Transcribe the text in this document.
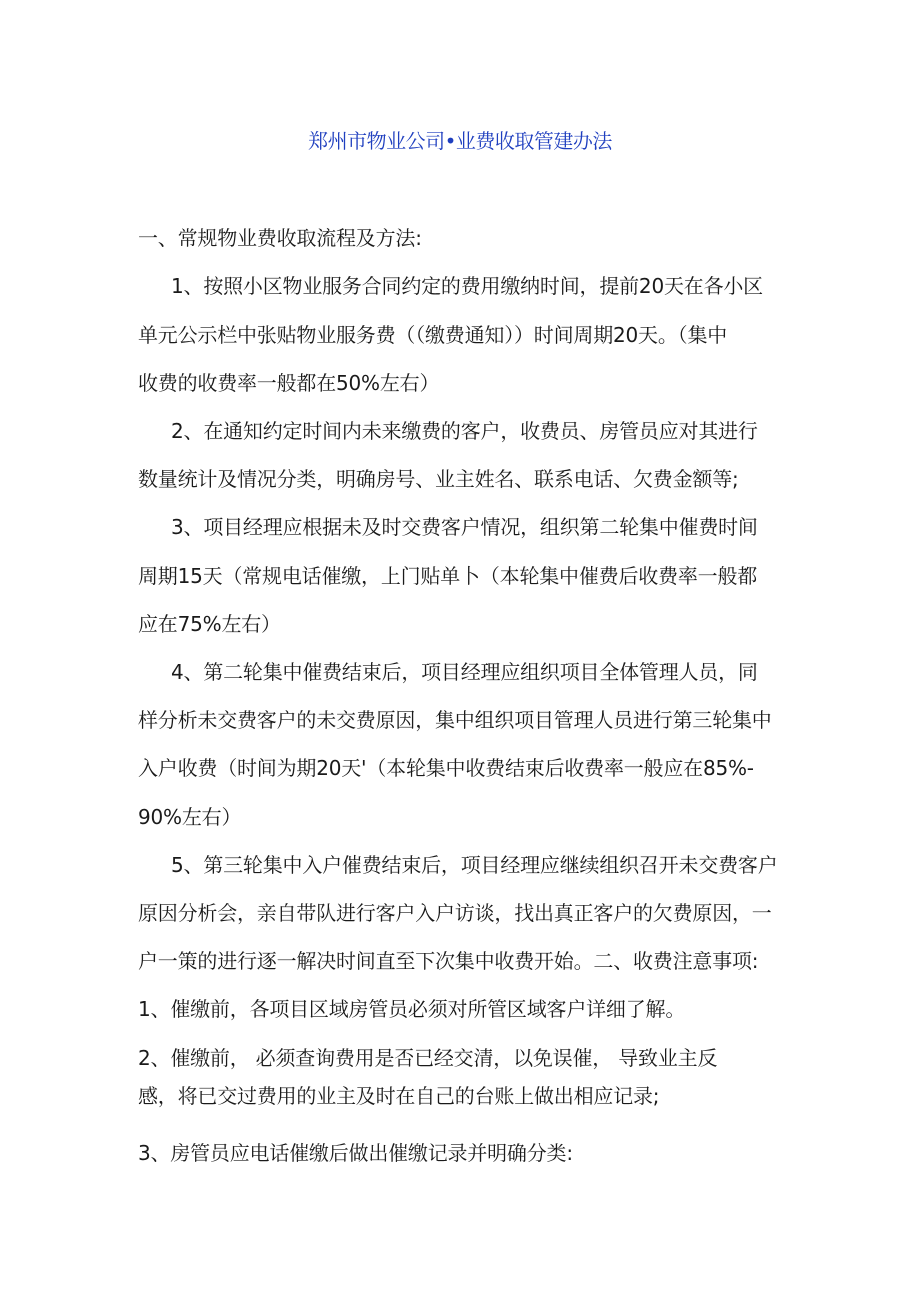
郑州市物业公司•业费收取管建办法
一、常规物业费收取流程及方法:
1、按照小区物业服务合同约定的费用缴纳时间，提前20天在各小区
单元公示栏中张贴物业服务费（（缴费通知））时间周期20天。（集中
收费的收费率一般都在50%左右）
2、在通知约定时间内未来缴费的客户，收费员、房管员应对其进行
数量统计及情况分类，明确房号、业主姓名、联系电话、欠费金额等;
3、项目经理应根据未及时交费客户情况，组织第二轮集中催费时间
周期15天（常规电话催缴，上门贴单卜（本轮集中催费后收费率一般都
应在75%左右）
4、第二轮集中催费结束后，项目经理应组织项目全体管理人员，同
样分析未交费客户的未交费原因，集中组织项目管理人员进行第三轮集中
入户收费（时间为期20天'（本轮集中收费结束后收费率一般应在85%-
90%左右）
5、第三轮集中入户催费结束后，项目经理应继续组织召开未交费客户
原因分析会，亲自带队进行客户入户访谈，找出真正客户的欠费原因，一
户一策的进行逐一解决时间直至下次集中收费开始。二、收费注意事项:
1、催缴前，各项目区域房管员必须对所管区域客户详细了解。
2、催缴前， 必须查询费用是否已经交清，以免误催， 导致业主反
感，将已交过费用的业主及时在自己的台账上做出相应记录;
3、房管员应电话催缴后做出催缴记录并明确分类:
